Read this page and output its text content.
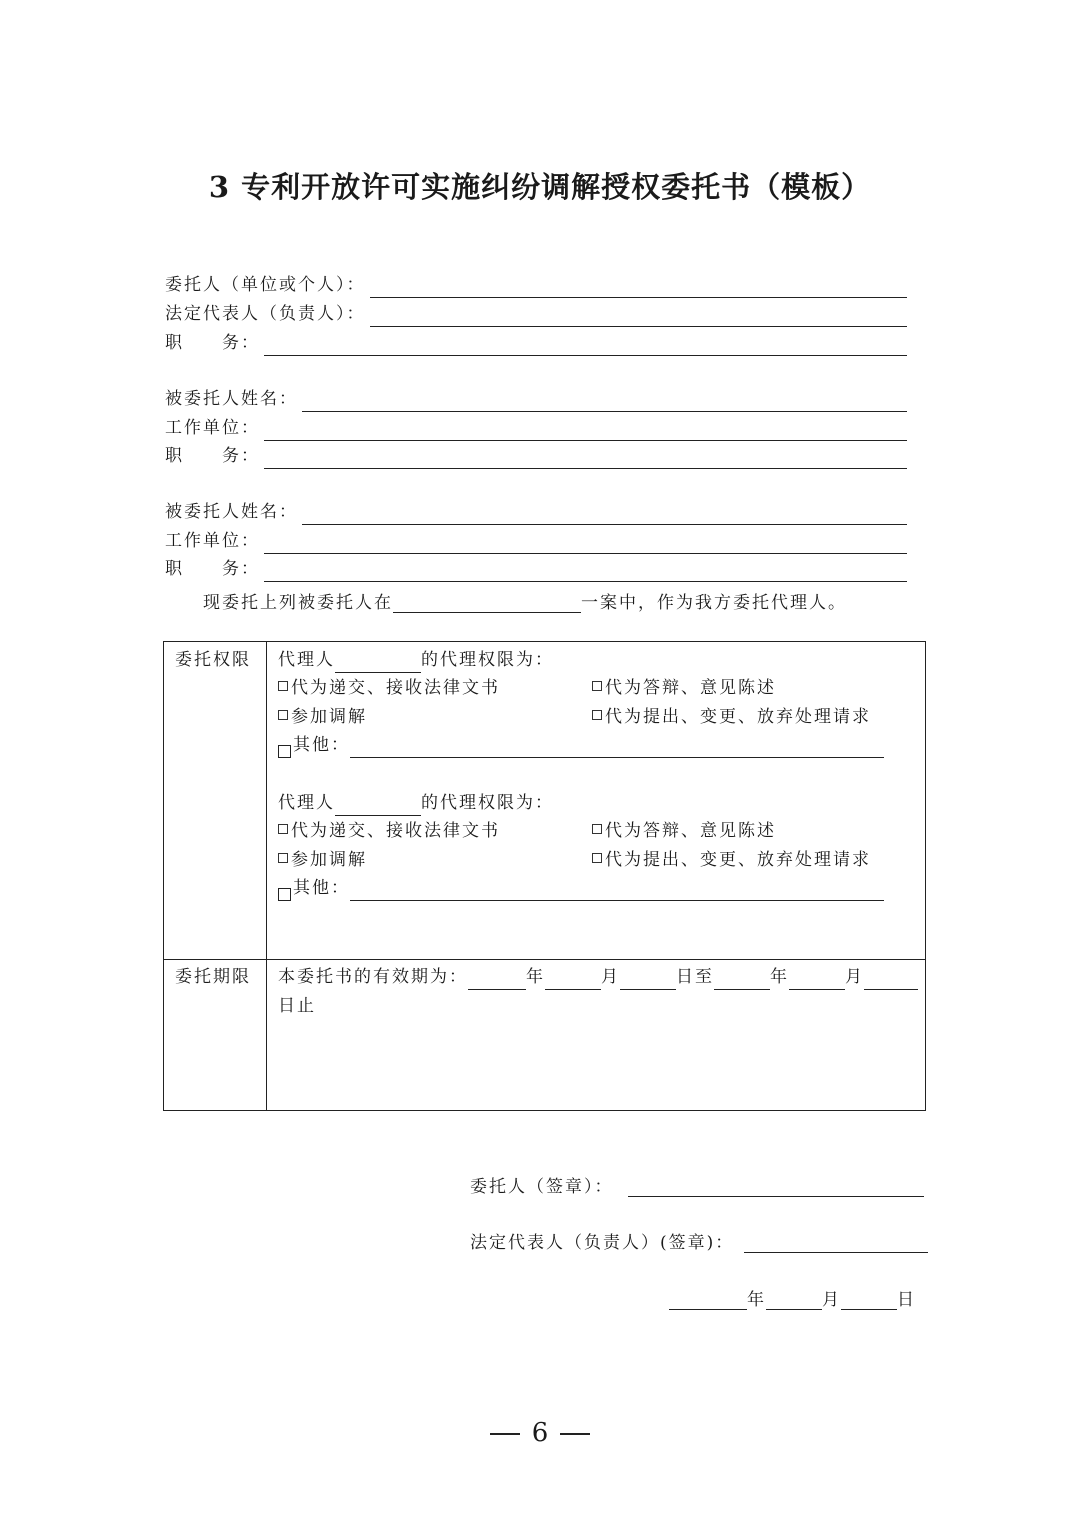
3 专利开放许可实施纠纷调解授权委托书（模板）
委托人（单位或个人）：
法定代表人（负责人）：
职　　务：
被委托人姓名：
工作单位：
职　　务：
被委托人姓名：
工作单位：
职　　务：
现委托上列被委托人在	一案中，作为我方委托代理人。
委托权限 代理人	的代理权限为：
代为递交、接收法律文书	代为答辩、意见陈述
参加调解	代为提出、变更、放弃处理请求
其他：
代理人	的代理权限为：
代为递交、接收法律文书	代为答辩、意见陈述
参加调解	代为提出、变更、放弃处理请求
其他：
委托期限 本委托书的有效期为：	年	月	日至	年	月
日止
委托人（签章）：
法定代表人（负责人）(签章)：
年	月	日
6
